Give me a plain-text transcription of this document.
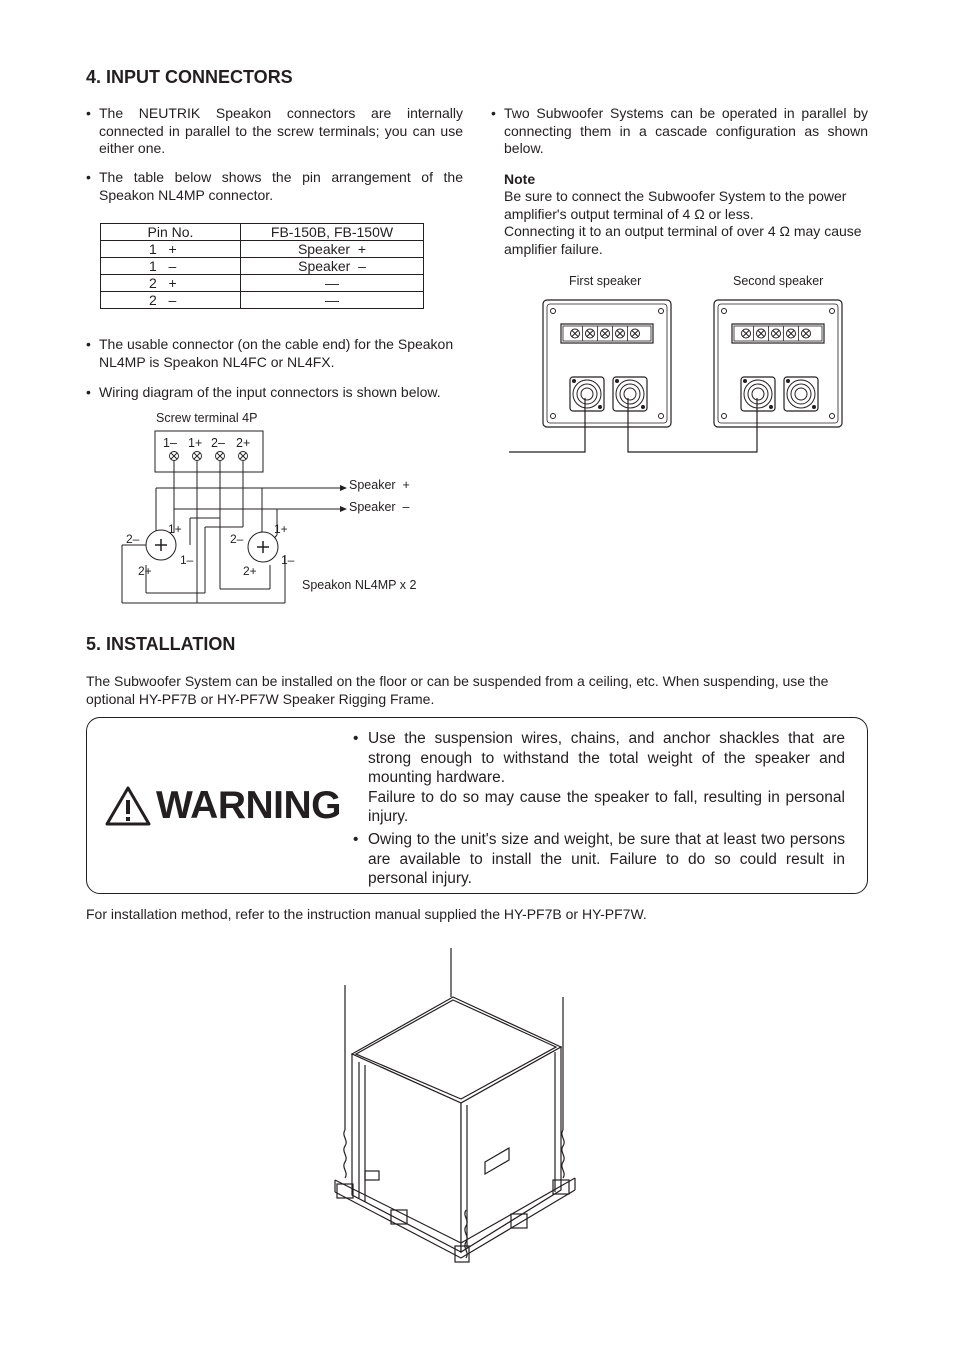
4. INPUT CONNECTORS
• The NEUTRIK Speakon connectors are internally connected in parallel to the screw terminals; you can use either one.
• The table below shows the pin arrangement of the Speakon NL4MP connector.
Pin No.	FB-150B, FB-150W
1   +	Speaker  +
1   –	Speaker  –
2   +	—
2   –	—
• The usable connector (on the cable end) for the Speakon NL4MP is Speakon NL4FC or NL4FX.
• Wiring diagram of the input connectors is shown below.
Screw terminal 4P
1– 1+ 2– 2+
Speaker  +
Speaker  –
1+
1–
2–
2+
1+
1–
2–
2+
Speakon NL4MP x 2
• Two Subwoofer Systems can be operated in parallel by connecting them in a cascade configuration as shown below.
Note
Be sure to connect the Subwoofer System to the power amplifier's output terminal of 4 Ω or less.
Connecting it to an output terminal of over 4 Ω may cause amplifier failure.
First speaker	Second speaker
5. INSTALLATION
The Subwoofer System can be installed on the floor or can be suspended from a ceiling, etc. When suspending, use the optional HY-PF7B or HY-PF7W Speaker Rigging Frame.
WARNING
• Use the suspension wires, chains, and anchor shackles that are strong enough to withstand the total weight of the speaker and mounting hardware.
Failure to do so may cause the speaker to fall, resulting in personal injury.
• Owing to the unit's size and weight, be sure that at least two persons are available to install the unit. Failure to do so could result in personal injury.
For installation method, refer to the instruction manual supplied the HY-PF7B or HY-PF7W.
